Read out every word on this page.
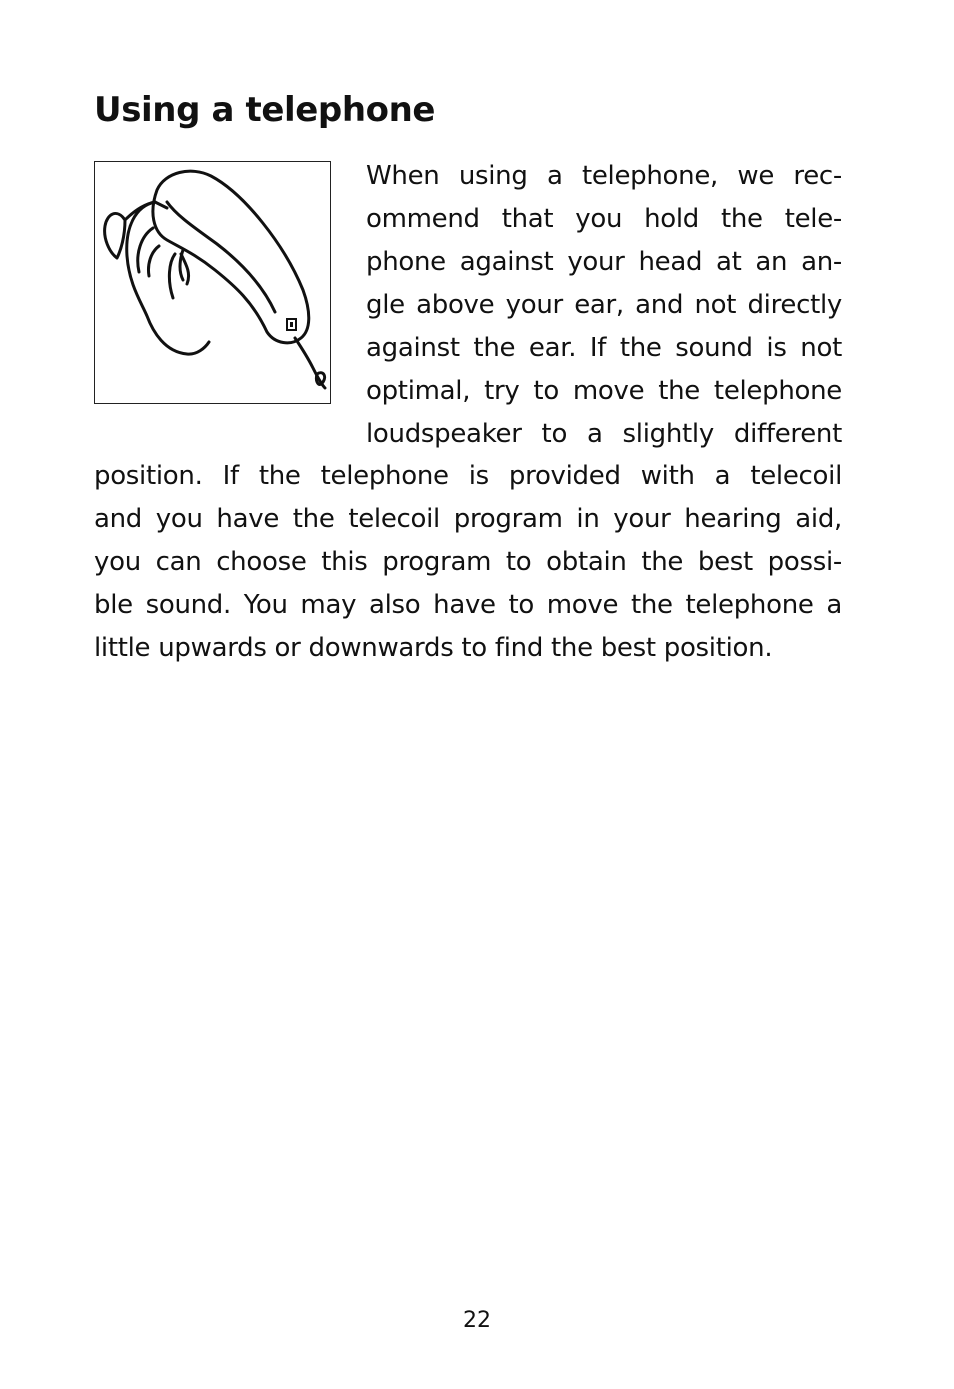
Using a telephone
When using a telephone, we rec-
ommend that you hold the tele-
phone against your head at an an-
gle above your ear, and not directly
against the ear. If the sound is not
optimal, try to move the telephone
loudspeaker to a slightly different
position. If the telephone is provided with a telecoil
and you have the telecoil program in your hearing aid,
you can choose this program to obtain the best possi-
ble sound. You may also have to move the telephone a
little upwards or downwards to find the best position.
22
